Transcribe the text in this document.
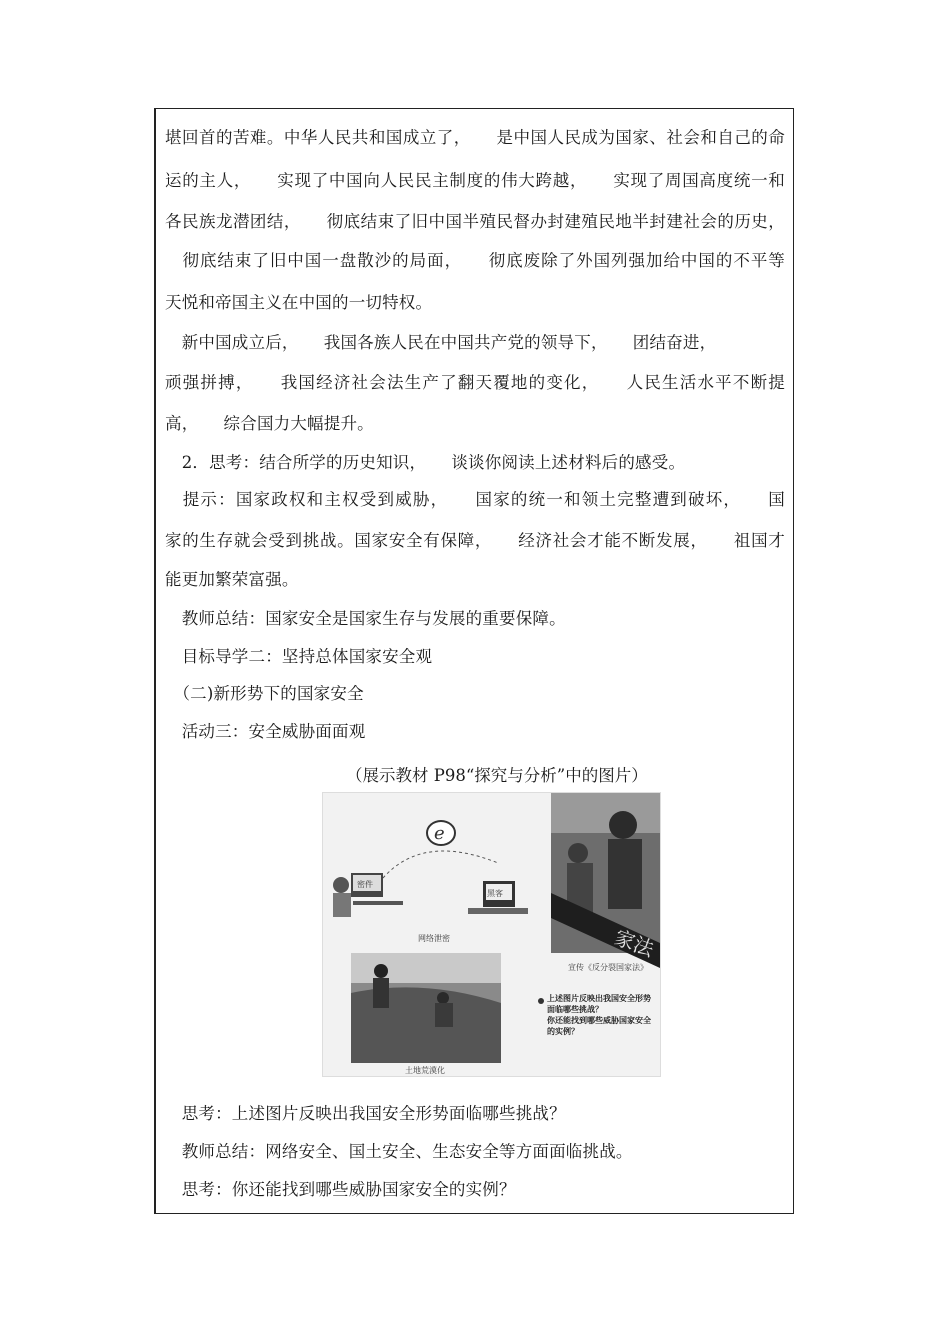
堪回首的苦难。中华人民共和国成立了，　　是中国人民成为国家、社会和自己的命
运的主人，　　实现了中国向人民民主制度的伟大跨越，　　实现了周国高度统一和
各民族龙潜团结，　　彻底结束了旧中国半殖民督办封建殖民地半封建社会的历史，
　彻底结束了旧中国一盘散沙的局面，　　彻底废除了外国列强加给中国的不平等
天悦和帝国主义在中国的一切特权。
　新中国成立后，　　我国各族人民在中国共产党的领导下，　　团结奋进，
顽强拼搏，　　我国经济社会法生产了翻天覆地的变化，　　人民生活水平不断提
高，　　综合国力大幅提升。
　2．思考：结合所学的历史知识，　　谈谈你阅读上述材料后的感受。
　提示：国家政权和主权受到威胁，　　国家的统一和领土完整遭到破坏，　　国
家的生存就会受到挑战。国家安全有保障，　　经济社会才能不断发展，　　祖国才
能更加繁荣富强。
　教师总结：国家安全是国家生存与发展的重要保障。
　目标导学二：坚持总体国家安全观
　（二)新形势下的国家安全
　活动三：安全威胁面面观
（展示教材 P98“探究与分析”中的图片）
e
密件
黑客
网络泄密	家法
宣传《反分裂国家法》
土地荒漠化
上述图片反映出我国安全形势面临哪些挑战？
你还能找到哪些威胁国家安全的实例？
　思考：上述图片反映出我国安全形势面临哪些挑战？
　教师总结：网络安全、国土安全、生态安全等方面面临挑战。
　思考：你还能找到哪些威胁国家安全的实例？
